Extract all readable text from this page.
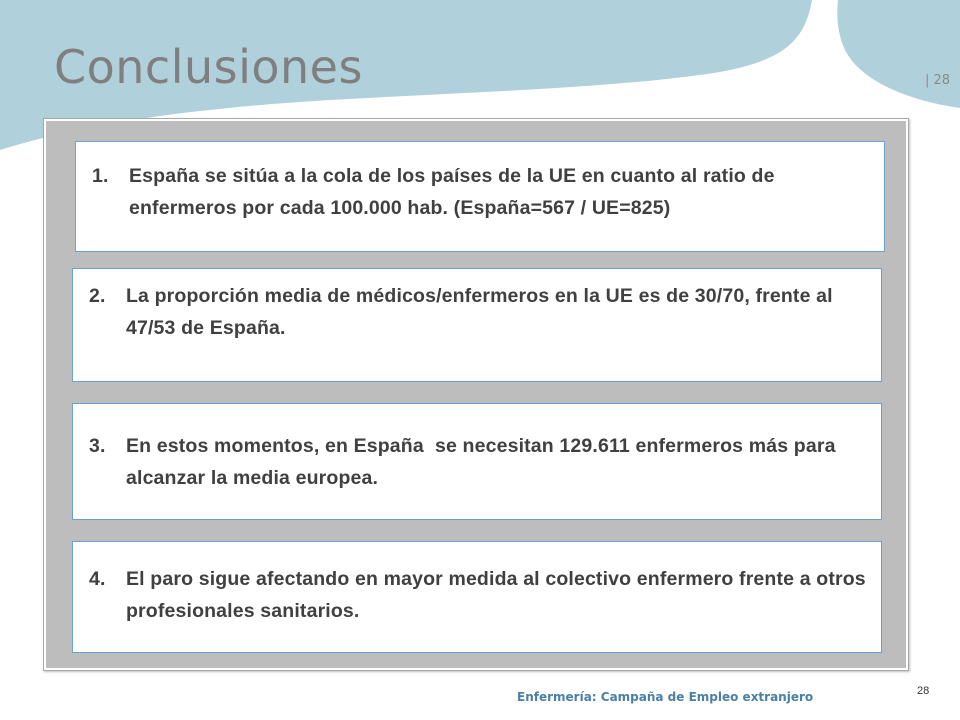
Conclusiones	| 28
1.	España se sitúa a la cola de los países de la UE en cuanto al ratio de enfermeros por cada 100.000 hab. (España=567 / UE=825)
2.	La proporción media de médicos/enfermeros en la UE es de 30/70, frente al 47/53 de España.
3.	En estos momentos, en España  se necesitan 129.611 enfermeros más para alcanzar la media europea.
4.	El paro sigue afectando en mayor medida al colectivo enfermero frente a otros profesionales sanitarios.
Enfermería: Campaña de Empleo extranjero	28
